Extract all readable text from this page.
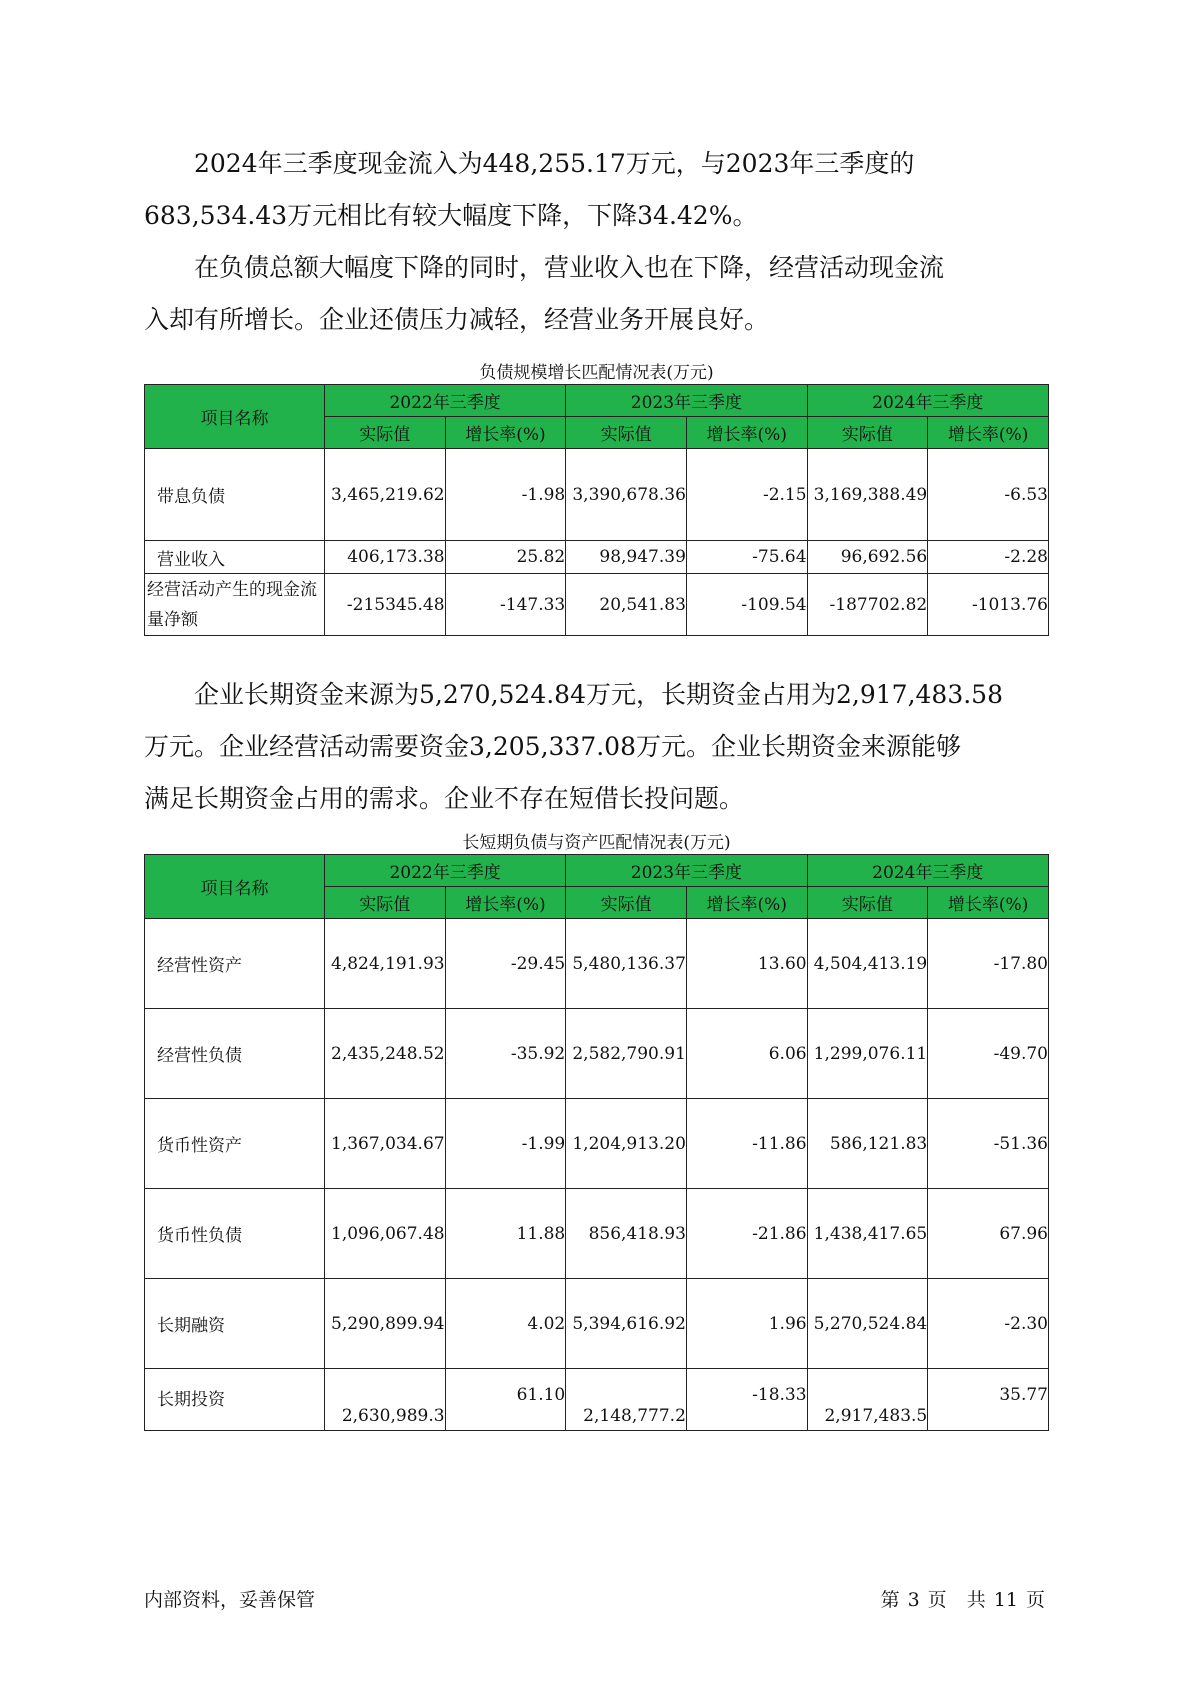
2024年三季度现金流入为448,255.17万元，与2023年三季度的
683,534.43万元相比有较大幅度下降，下降34.42%。

在负债总额大幅度下降的同时，营业收入也在下降，经营活动现金流
入却有所增长。企业还债压力减轻，经营业务开展良好。

负债规模增长匹配情况表(万元)
项目名称	2022年三季度		2023年三季度		2024年三季度	
	实际值	增长率(%)	实际值	增长率(%)	实际值	增长率(%)
带息负债	3,465,219.62	-1.98	3,390,678.36	-2.15	3,169,388.49	-6.53
营业收入	406,173.38	25.82	98,947.39	-75.64	96,692.56	-2.28
经营活动产生的现金流量净额	-215345.48	-147.33	20,541.83	-109.54	-187702.82	-1013.76

企业长期资金来源为5,270,524.84万元，长期资金占用为2,917,483.58
万元。企业经营活动需要资金3,205,337.08万元。企业长期资金来源能够
满足长期资金占用的需求。企业不存在短借长投问题。

长短期负债与资产匹配情况表(万元)
项目名称	2022年三季度		2023年三季度		2024年三季度	
	实际值	增长率(%)	实际值	增长率(%)	实际值	增长率(%)
经营性资产	4,824,191.93	-29.45	5,480,136.37	13.60	4,504,413.19	-17.80
经营性负债	2,435,248.52	-35.92	2,582,790.91	6.06	1,299,076.11	-49.70
货币性资产	1,367,034.67	-1.99	1,204,913.20	-11.86	586,121.83	-51.36
货币性负债	1,096,067.48	11.88	856,418.93	-21.86	1,438,417.65	67.96
长期融资	5,290,899.94	4.02	5,394,616.92	1.96	5,270,524.84	-2.30
长期投资	2,630,989.3	61.10	2,148,777.2	-18.33	2,917,483.5	35.77
内部资料，妥善保管	第 3 页 共 11 页
